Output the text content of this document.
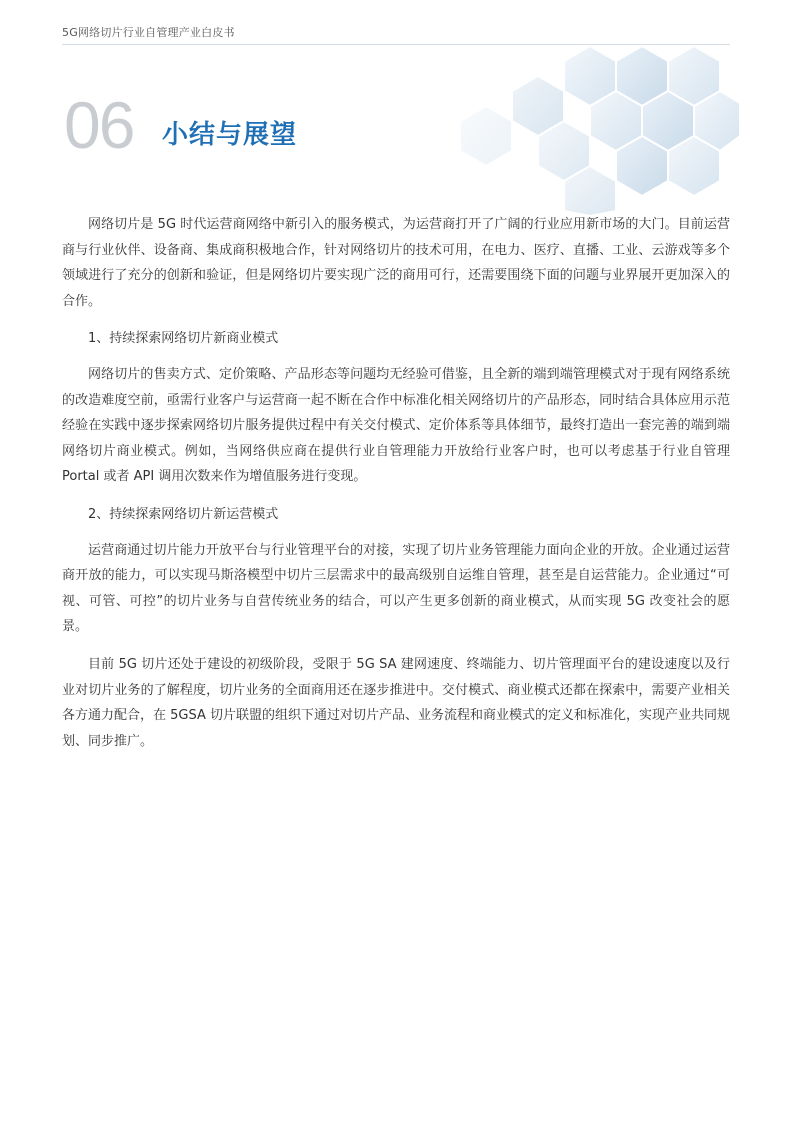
5G网络切片行业自管理产业白皮书
06 小结与展望

网络切片是 5G 时代运营商网络中新引入的服务模式，为运营商打开了广阔的行业应用新市场的大门。目前运营商与行业伙伴、设备商、集成商积极地合作，针对网络切片的技术可用，在电力、医疗、直播、工业、云游戏等多个领域进行了充分的创新和验证，但是网络切片要实现广泛的商用可行，还需要围绕下面的问题与业界展开更加深入的合作。

1、持续探索网络切片新商业模式

网络切片的售卖方式、定价策略、产品形态等问题均无经验可借鉴，且全新的端到端管理模式对于现有网络系统的改造难度空前，亟需行业客户与运营商一起不断在合作中标准化相关网络切片的产品形态，同时结合具体应用示范经验在实践中逐步探索网络切片服务提供过程中有关交付模式、定价体系等具体细节，最终打造出一套完善的端到端网络切片商业模式。例如，当网络供应商在提供行业自管理能力开放给行业客户时，也可以考虑基于行业自管理 Portal 或者 API 调用次数来作为增值服务进行变现。

2、持续探索网络切片新运营模式

运营商通过切片能力开放平台与行业管理平台的对接，实现了切片业务管理能力面向企业的开放。企业通过运营商开放的能力，可以实现马斯洛模型中切片三层需求中的最高级别自运维自管理，甚至是自运营能力。企业通过“可视、可管、可控”的切片业务与自营传统业务的结合，可以产生更多创新的商业模式，从而实现 5G 改变社会的愿景。

目前 5G 切片还处于建设的初级阶段，受限于 5G SA 建网速度、终端能力、切片管理面平台的建设速度以及行业对切片业务的了解程度，切片业务的全面商用还在逐步推进中。交付模式、商业模式还都在探索中，需要产业相关各方通力配合，在 5GSA 切片联盟的组织下通过对切片产品、业务流程和商业模式的定义和标准化，实现产业共同规划、同步推广。
